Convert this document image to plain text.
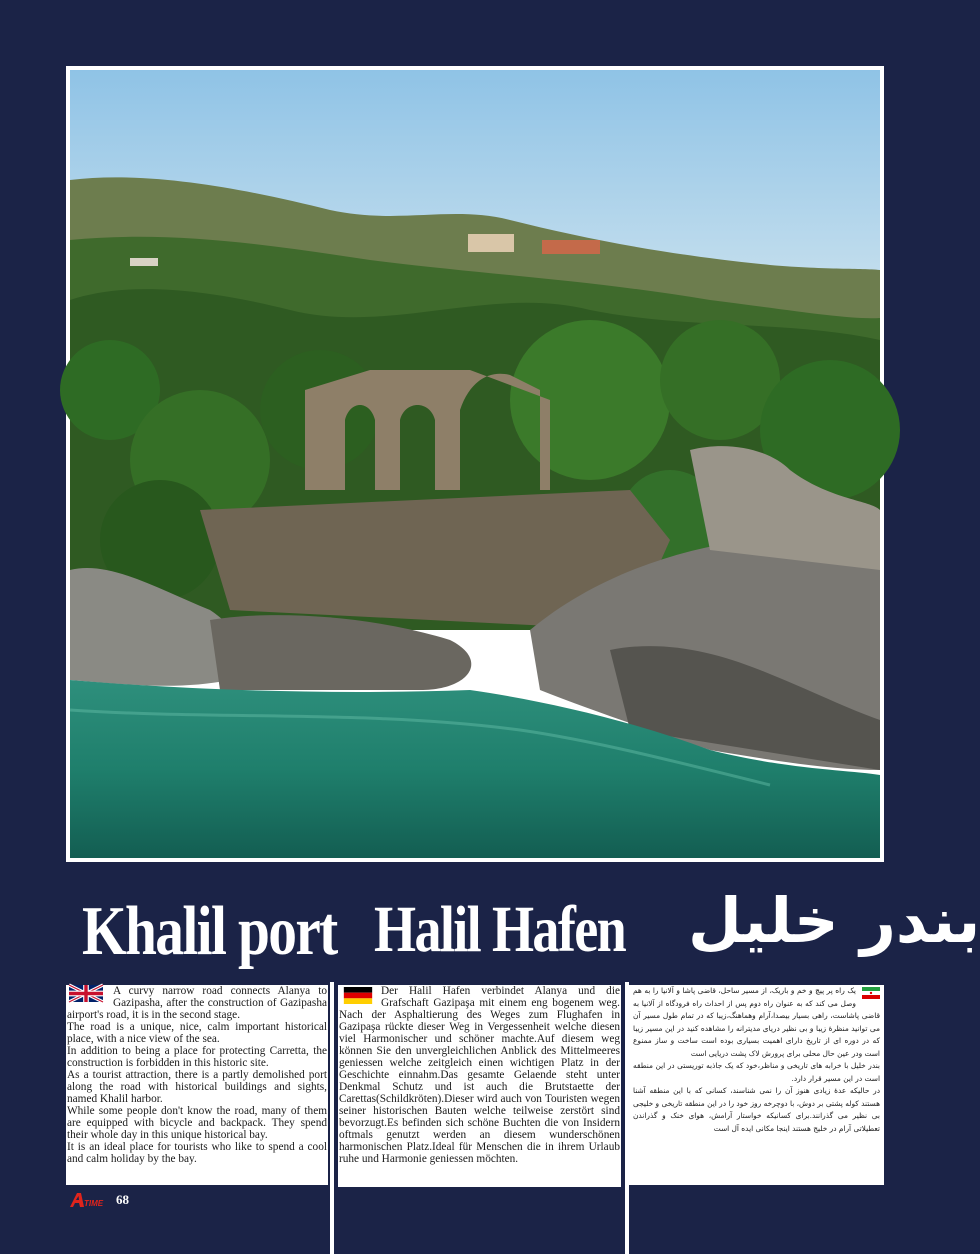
Khalil port Halil Hafen بندر خلیل

A curvy narrow road connects Alanya to Gazipasha, after the construction of Gazipasha airport's road, it is in the second stage.

The road is a unique, nice, calm important historical place, with a nice view of the sea.

In addition to being a place for protecting Carretta, the construction is forbidden in this historic site.

As a tourist attraction, there is a partly demolished port along the road with historical buildings and sights, named Khalil harbor.

While some people don't know the road, many of them are equipped with bicycle and backpack. They spend their whole day in this unique historical bay.

It is an ideal place for tourists who like to spend a cool and calm holiday by the bay.

Der Halil Hafen verbindet Alanya und die Grafschaft Gazipaşa mit einem eng bogenem weg. Nach der Asphaltierung des Weges zum Flughafen in Gazipaşa rückte dieser Weg in Vergessenheit welche diesen viel Harmonischer und schöner machte.Auf diesem weg können Sie den unvergleichlichen Anblick des Mittelmeeres geniessen welche zeitgleich einen wichtigen Platz in der Geschichte einnahm.Das gesamte Gelaende steht unter Denkmal Schutz und ist auch die Brutstaette der Carettas(Schildkröten).Dieser wird auch von Touristen wegen seiner historischen Bauten welche teilweise zerstört sind bevorzugt.Es befinden sich schöne Buchten die von Insidern oftmals genutzt werden an diesem wunderschönen harmonischen Platz.Ideal für Menschen die in ihrem Urlaub ruhe und Harmonie geniessen möchten.

یک راه پر پیچ و خم و باریک، از مسیر ساحل، قاضی پاشا و آلانیا را به هم وصل می کند که به عنوان راه دوم پس از احداث راه فرودگاه از آلانیا به قاضی پاشاست، راهی بسیار بیصدا،آرام وهماهنگ،زیبا که در تمام طول مسیر آن می توانید منظرهٔ زیبا و بی نظیر دریای مدیترانه را مشاهده کنید در این مسیر زیبا که در دوره ای از تاریخ دارای اهمیت بسیاری بوده است ساخت و ساز ممنوع است ودر عین حال محلی برای پرورش لاک پشت دریایی است

بندر خلیل با خرابه های تاریخی و مناظر،خود که یک جاذبه توریستی در این منطقه است در این مسیر قرار دارد.

در حالیکه عدهٔ زیادی هنوز آن را نمی شناسند، کسانی که با این منطقه آشنا هستند کوله پشتی بر دوش، با دوچرخه روز خود را در این منطقه تاریخی و خلیجی بی نظیر می گذرانند.برای کسانیکه خواستار آرامش، هوای خنک و گذراندن تعطیلاتی آرام در خلیج هستند اینجا مکانی ایده آل است

TIME 68
